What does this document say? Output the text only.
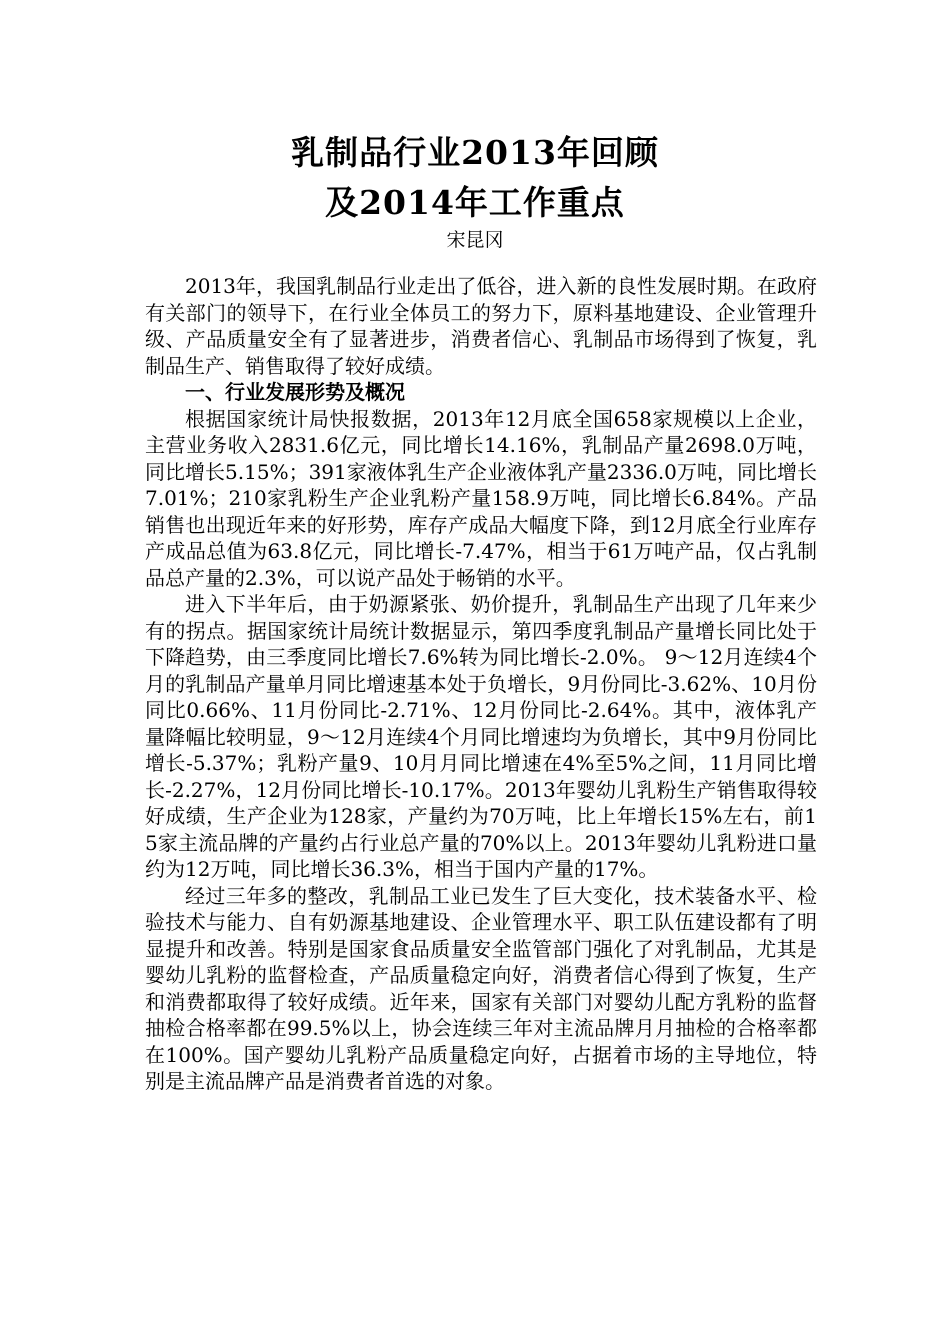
乳制品行业2013年回顾
及2014年工作重点
宋昆冈

2013年，我国乳制品行业走出了低谷，进入新的良性发展时期。在政府有关部门的领导下，在行业全体员工的努力下，原料基地建设、企业管理升级、产品质量安全有了显著进步，消费者信心、乳制品市场得到了恢复，乳制品生产、销售取得了较好成绩。

一、行业发展形势及概况

根据国家统计局快报数据，2013年12月底全国658家规模以上企业，主营业务收入2831.6亿元，同比增长14.16%，乳制品产量2698.0万吨，同比增长5.15%；391家液体乳生产企业液体乳产量2336.0万吨，同比增长7.01%；210家乳粉生产企业乳粉产量158.9万吨，同比增长6.84%。产品销售也出现近年来的好形势，库存产成品大幅度下降，到12月底全行业库存产成品总值为63.8亿元，同比增长-7.47%，相当于61万吨产品，仅占乳制品总产量的2.3%，可以说产品处于畅销的水平。

进入下半年后，由于奶源紧张、奶价提升，乳制品生产出现了几年来少有的拐点。据国家统计局统计数据显示，第四季度乳制品产量增长同比处于下降趋势，由三季度同比增长7.6%转为同比增长-2.0%。 9～12月连续4个月的乳制品产量单月同比增速基本处于负增长，9月份同比-3.62%、10月份同比0.66%、11月份同比-2.71%、12月份同比-2.64%。其中，液体乳产量降幅比较明显，9～12月连续4个月同比增速均为负增长，其中9月份同比增长-5.37%；乳粉产量9、10月月同比增速在4%至5%之间，11月同比增长-2.27%，12月份同比增长-10.17%。2013年婴幼儿乳粉生产销售取得较好成绩，生产企业为128家，产量约为70万吨，比上年增长15%左右，前15家主流品牌的产量约占行业总产量的70%以上。2013年婴幼儿乳粉进口量约为12万吨，同比增长36.3%，相当于国内产量的17%。

经过三年多的整改，乳制品工业已发生了巨大变化，技术装备水平、检验技术与能力、自有奶源基地建设、企业管理水平、职工队伍建设都有了明显提升和改善。特别是国家食品质量安全监管部门强化了对乳制品，尤其是婴幼儿乳粉的监督检查，产品质量稳定向好，消费者信心得到了恢复，生产和消费都取得了较好成绩。近年来，国家有关部门对婴幼儿配方乳粉的监督抽检合格率都在99.5%以上，协会连续三年对主流品牌月月抽检的合格率都在100%。国产婴幼儿乳粉产品质量稳定向好，占据着市场的主导地位，特别是主流品牌产品是消费者首选的对象。
